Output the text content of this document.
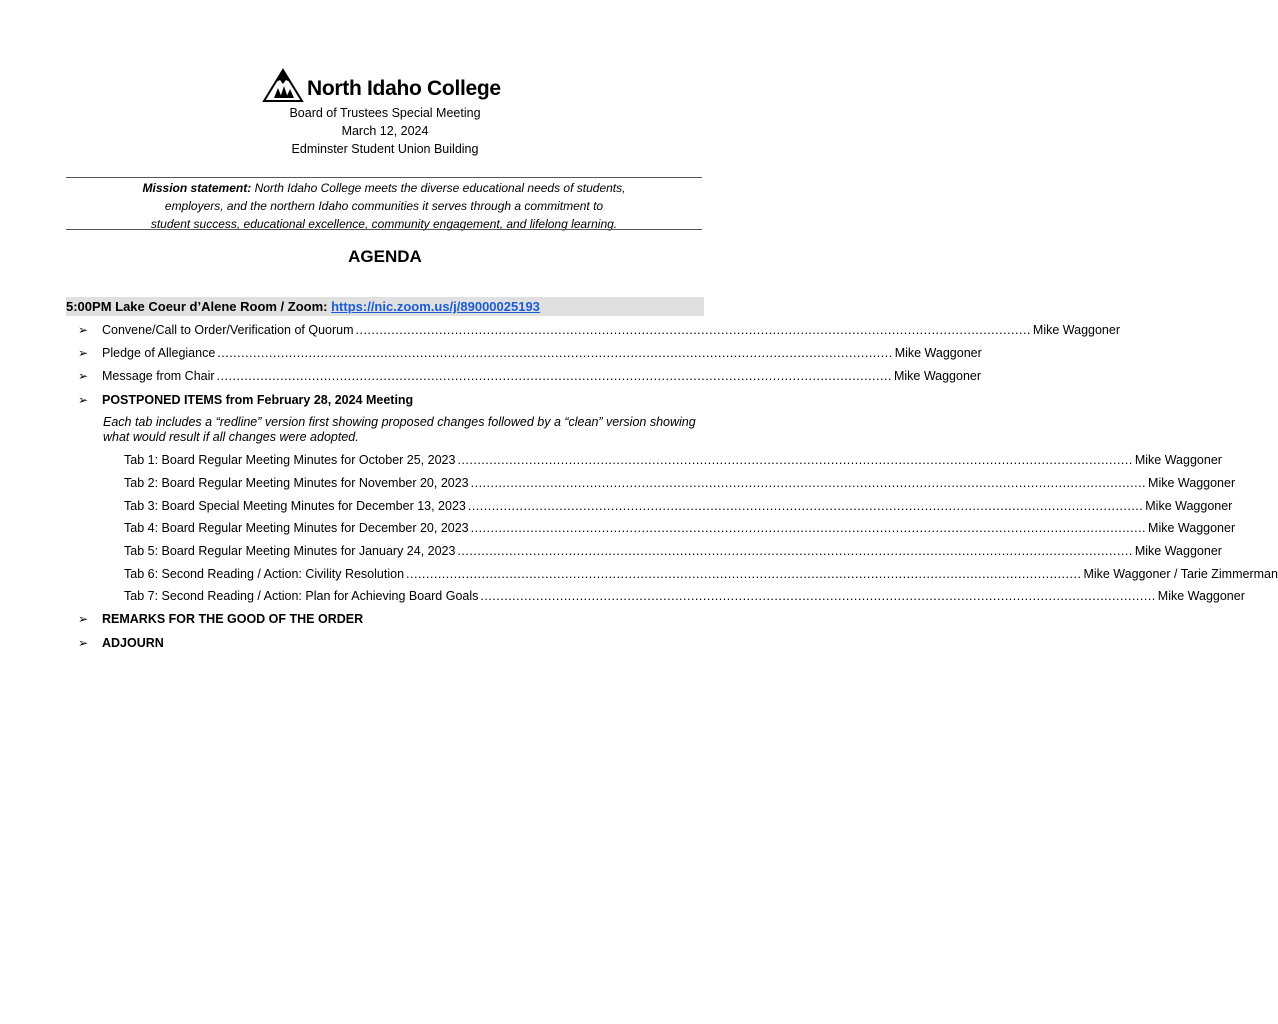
North Idaho College
Board of Trustees Special Meeting
March 12, 2024
Edminster Student Union Building
Mission statement: North Idaho College meets the diverse educational needs of students,
employers, and the northern Idaho communities it serves through a commitment to
student success, educational excellence, community engagement, and lifelong learning.
AGENDA
5:00PM Lake Coeur d’Alene Room / Zoom: https://nic.zoom.us/j/89000025193
➢	Convene/Call to Order/Verification of Quorum .......................................................................................................................................................................... Mike Waggoner
➢	Pledge of Allegiance .......................................................................................................................................................................... Mike Waggoner
➢	Message from Chair .......................................................................................................................................................................... Mike Waggoner
➢	POSTPONED ITEMS from February 28, 2024 Meeting
Each tab includes a “redline” version first showing proposed changes followed by a “clean” version showing what would result if all changes were adopted.
Tab 1: Board Regular Meeting Minutes for October 25, 2023 .......................................................................................................................................................................... Mike Waggoner
Tab 2: Board Regular Meeting Minutes for November 20, 2023 .......................................................................................................................................................................... Mike Waggoner
Tab 3: Board Special Meeting Minutes for December 13, 2023 .......................................................................................................................................................................... Mike Waggoner
Tab 4: Board Regular Meeting Minutes for December 20, 2023 .......................................................................................................................................................................... Mike Waggoner
Tab 5: Board Regular Meeting Minutes for January 24, 2023 .......................................................................................................................................................................... Mike Waggoner
Tab 6: Second Reading / Action: Civility Resolution .......................................................................................................................................................................... Mike Waggoner / Tarie Zimmerman
Tab 7: Second Reading / Action: Plan for Achieving Board Goals .......................................................................................................................................................................... Mike Waggoner
➢	REMARKS FOR THE GOOD OF THE ORDER
➢	ADJOURN
